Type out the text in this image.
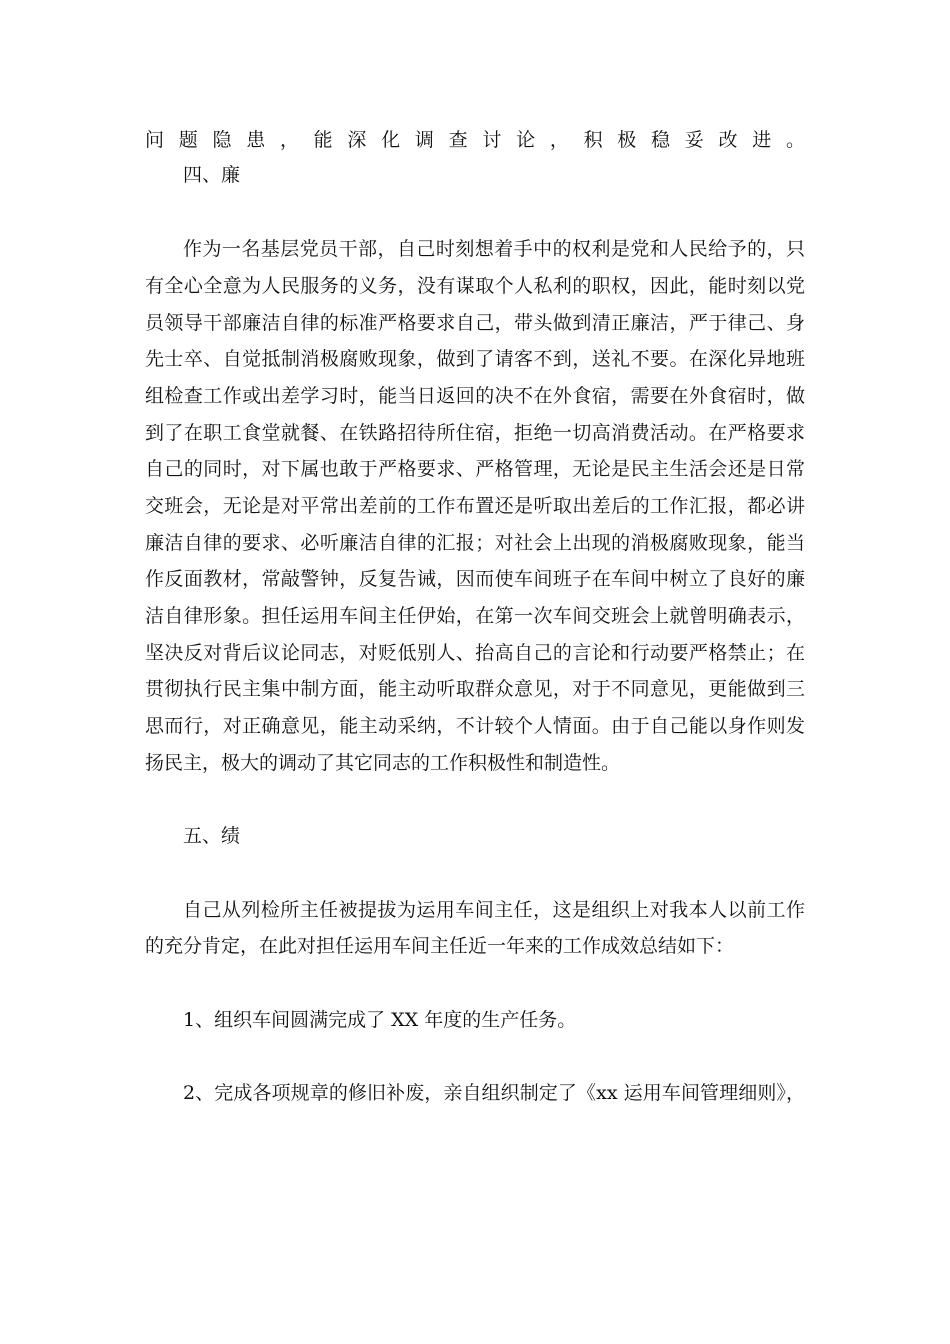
问题隐患，能深化调查讨论，积极稳妥改进。
四、廉
作为一名基层党员干部，自己时刻想着手中的权利是党和人民给予的，只
有全心全意为人民服务的义务，没有谋取个人私利的职权，因此，能时刻以党
员领导干部廉洁自律的标准严格要求自己，带头做到清正廉洁，严于律己、身
先士卒、自觉抵制消极腐败现象，做到了请客不到，送礼不要。在深化异地班
组检查工作或出差学习时，能当日返回的决不在外食宿，需要在外食宿时，做
到了在职工食堂就餐、在铁路招待所住宿，拒绝一切高消费活动。在严格要求
自己的同时，对下属也敢于严格要求、严格管理，无论是民主生活会还是日常
交班会，无论是对平常出差前的工作布置还是听取出差后的工作汇报，都必讲
廉洁自律的要求、必听廉洁自律的汇报；对社会上出现的消极腐败现象，能当
作反面教材，常敲警钟，反复告诫，因而使车间班子在车间中树立了良好的廉
洁自律形象。担任运用车间主任伊始，在第一次车间交班会上就曾明确表示，
坚决反对背后议论同志，对贬低别人、抬高自己的言论和行动要严格禁止；在
贯彻执行民主集中制方面，能主动听取群众意见，对于不同意见，更能做到三
思而行，对正确意见，能主动采纳，不计较个人情面。由于自己能以身作则发
扬民主，极大的调动了其它同志的工作积极性和制造性。
五、绩
自己从列检所主任被提拔为运用车间主任，这是组织上对我本人以前工作
的充分肯定，在此对担任运用车间主任近一年来的工作成效总结如下：
1、组织车间圆满完成了 XX 年度的生产任务。
2、完成各项规章的修旧补废，亲自组织制定了《xx 运用车间管理细则》，
